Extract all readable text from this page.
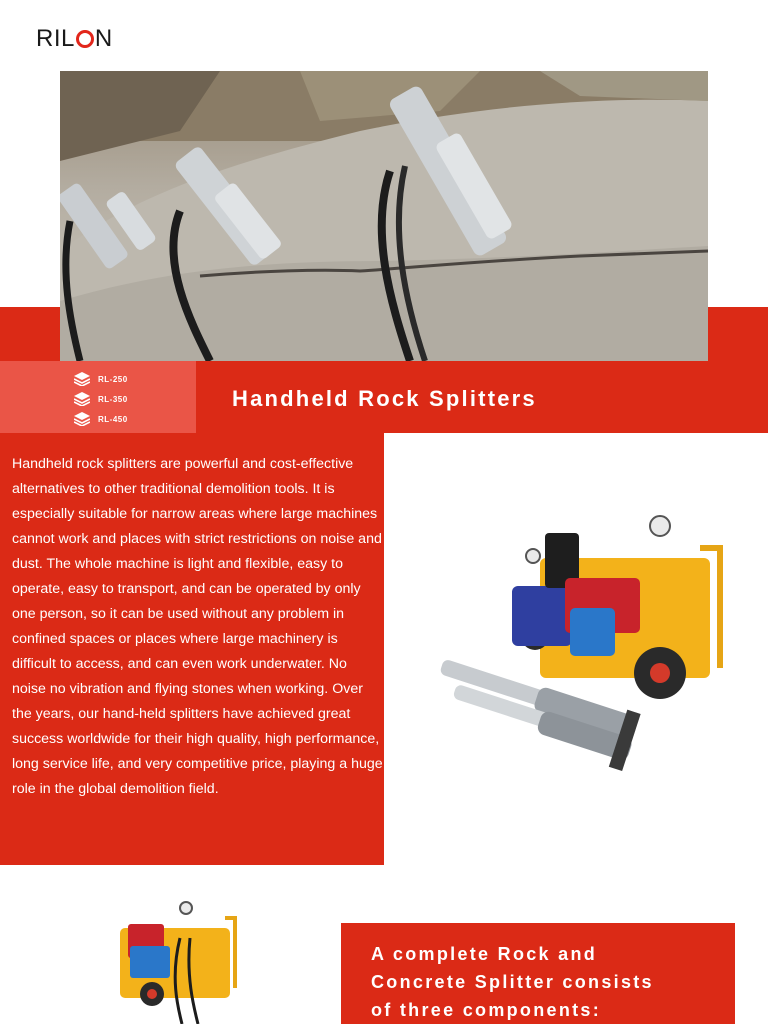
RIL N
RL-250
RL-350
RL-450
Handheld Rock Splitters

Handheld rock splitters are powerful and cost-effective alternatives to other traditional demolition tools. It is especially suitable for narrow areas where large machines cannot work and places with strict restrictions on noise and dust. The whole machine is light and flexible, easy to operate, easy to transport, and can be operated by only one person, so it can be used without any problem in confined spaces or places where large machinery is difficult to access, and can even work underwater. No noise no vibration and flying stones when working. Over the years, our hand-held splitters have achieved great success worldwide for their high quality, high performance, long service life, and very competitive price, playing a huge role in the global demolition field.

A complete Rock and
Concrete Splitter consists
of three components:
